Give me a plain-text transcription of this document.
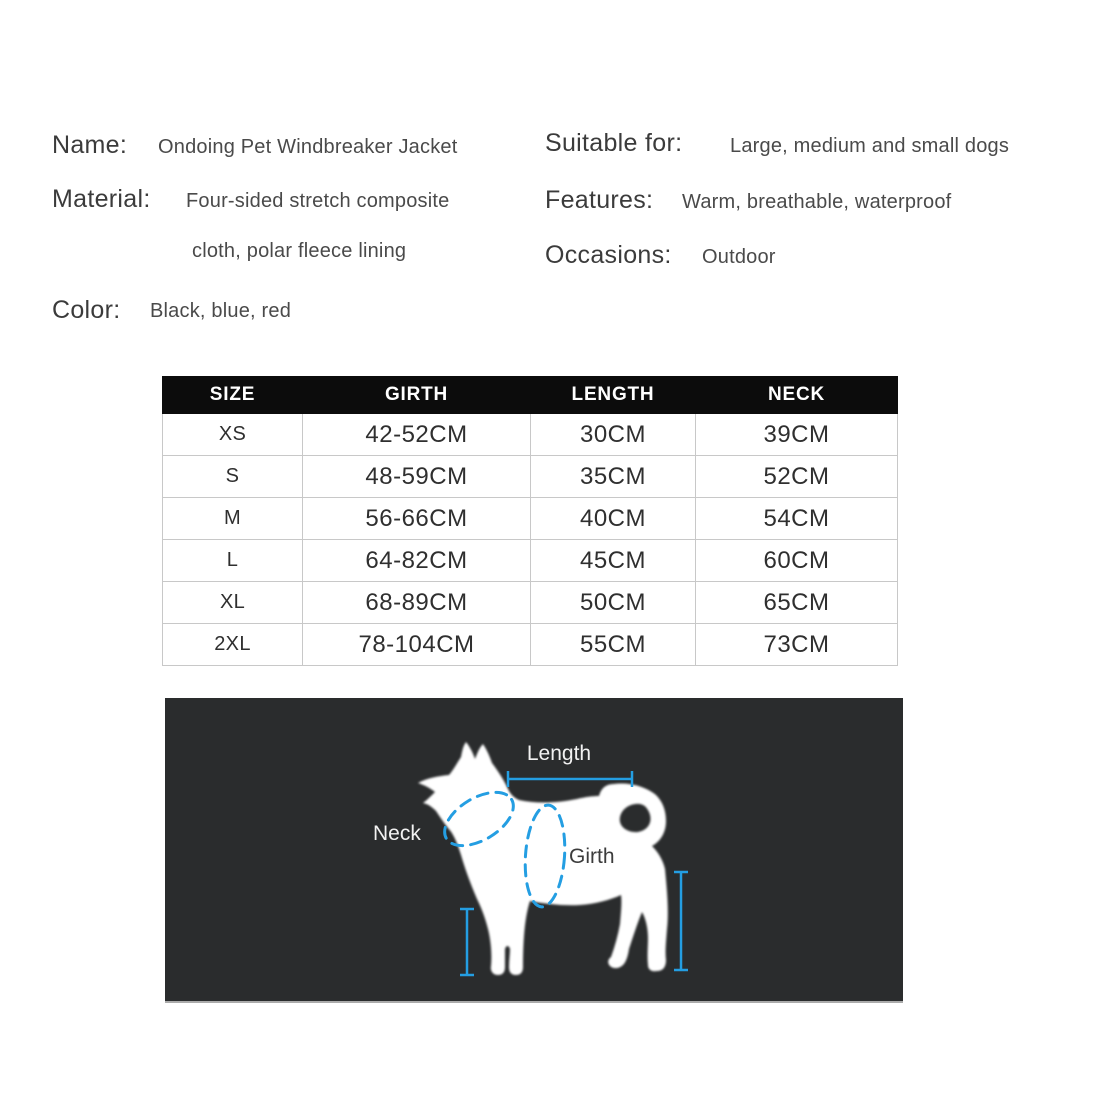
Name: Ondoing Pet Windbreaker Jacket	Suitable for: Large, medium and small dogs
Material: Four-sided stretch composite
cloth, polar fleece lining
Features: Warm, breathable, waterproof
Occasions: Outdoor
Color: Black, blue, red
SIZE	GIRTH	LENGTH	NECK
XS	42-52CM	30CM	39CM
S	48-59CM	35CM	52CM
M	56-66CM	40CM	54CM
L	64-82CM	45CM	60CM
XL	68-89CM	50CM	65CM
2XL	78-104CM	55CM	73CM
Length
Neck
Girth
